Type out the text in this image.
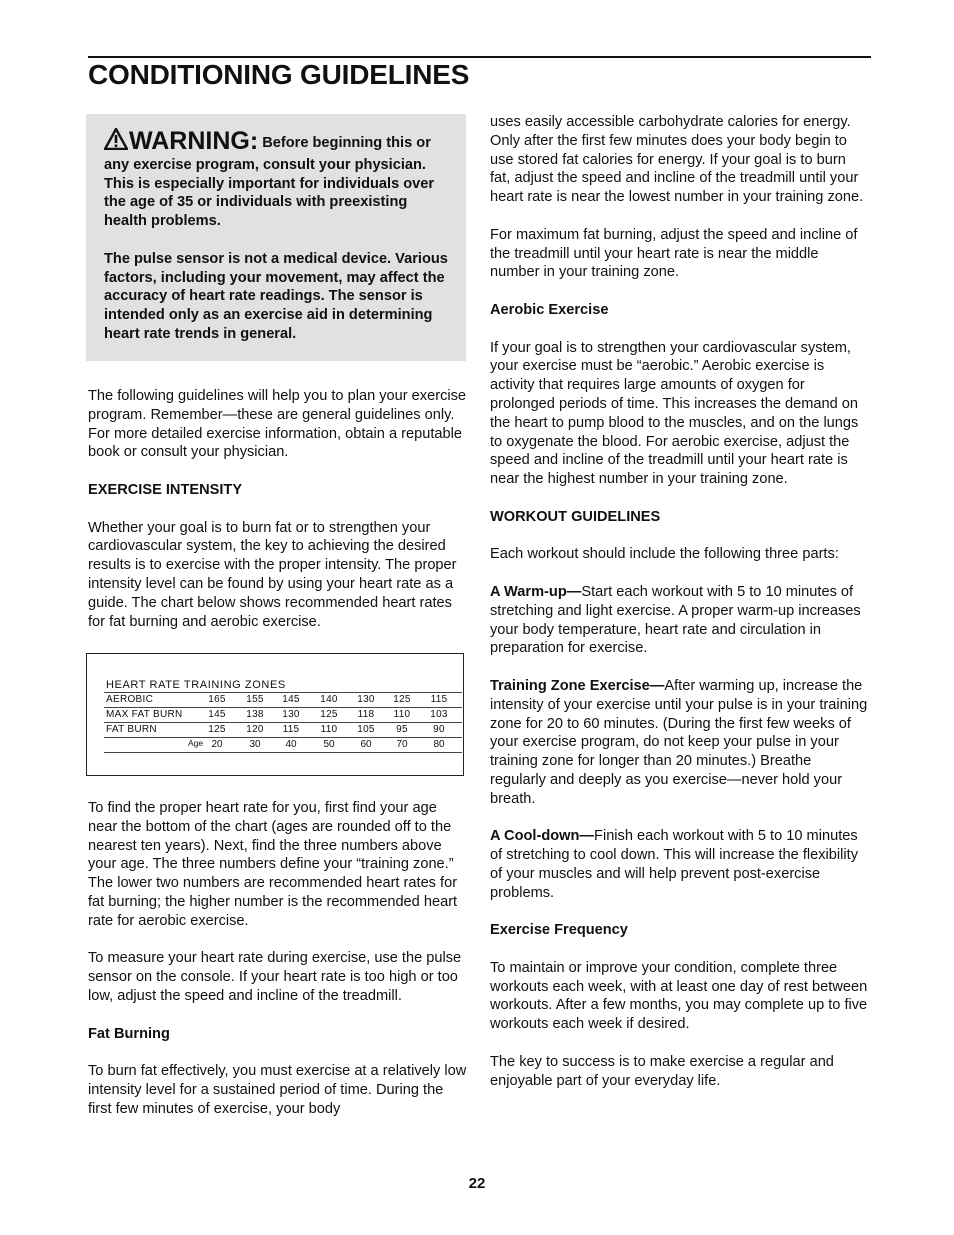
CONDITIONING GUIDELINES

WARNING: Before beginning this or any exercise program, consult your physician. This is especially important for individuals over the age of 35 or individuals with preexisting health problems.

The pulse sensor is not a medical device. Various factors, including your movement, may affect the accuracy of heart rate readings. The sensor is intended only as an exercise aid in determining heart rate trends in general.

The following guidelines will help you to plan your exercise program. Remember—these are general guidelines only. For more detailed exercise information, obtain a reputable book or consult your physician.

EXERCISE INTENSITY

Whether your goal is to burn fat or to strengthen your cardiovascular system, the key to achieving the desired results is to exercise with the proper intensity. The proper intensity level can be found by using your heart rate as a guide. The chart below shows recommended heart rates for fat burning and aerobic exercise.

HEART RATE TRAINING ZONES
AEROBIC	165	155	145	140	130	125	115
MAX FAT BURN	145	138	130	125	118	110	103
FAT BURN	125	120	115	110	105	95	90
Age 20	30	40	50	60	70	80

To find the proper heart rate for you, first find your age near the bottom of the chart (ages are rounded off to the nearest ten years). Next, find the three numbers above your age. The three numbers define your “training zone.” The lower two numbers are recommended heart rates for fat burning; the higher number is the recommended heart rate for aerobic exercise.

To measure your heart rate during exercise, use the pulse sensor on the console. If your heart rate is too high or too low, adjust the speed and incline of the treadmill.

Fat Burning

To burn fat effectively, you must exercise at a relatively low intensity level for a sustained period of time. During the first few minutes of exercise, your body

uses easily accessible carbohydrate calories for energy. Only after the first few minutes does your body begin to use stored fat calories for energy. If your goal is to burn fat, adjust the speed and incline of the treadmill until your heart rate is near the lowest number in your training zone.

For maximum fat burning, adjust the speed and incline of the treadmill until your heart rate is near the middle number in your training zone.

Aerobic Exercise

If your goal is to strengthen your cardiovascular system, your exercise must be “aerobic.” Aerobic exercise is activity that requires large amounts of oxygen for prolonged periods of time. This increases the demand on the heart to pump blood to the muscles, and on the lungs to oxygenate the blood. For aerobic exercise, adjust the speed and incline of the treadmill until your heart rate is near the highest number in your training zone.

WORKOUT GUIDELINES

Each workout should include the following three parts:

A Warm-up—Start each workout with 5 to 10 minutes of stretching and light exercise. A proper warm-up increases your body temperature, heart rate and circulation in preparation for exercise.

Training Zone Exercise—After warming up, increase the intensity of your exercise until your pulse is in your training zone for 20 to 60 minutes. (During the first few weeks of your exercise program, do not keep your pulse in your training zone for longer than 20 minutes.) Breathe regularly and deeply as you exercise—never hold your breath.

A Cool-down—Finish each workout with 5 to 10 minutes of stretching to cool down. This will increase the flexibility of your muscles and will help prevent post-exercise problems.

Exercise Frequency

To maintain or improve your condition, complete three workouts each week, with at least one day of rest between workouts. After a few months, you may complete up to five workouts each week if desired.

The key to success is to make exercise a regular and enjoyable part of your everyday life.

22
